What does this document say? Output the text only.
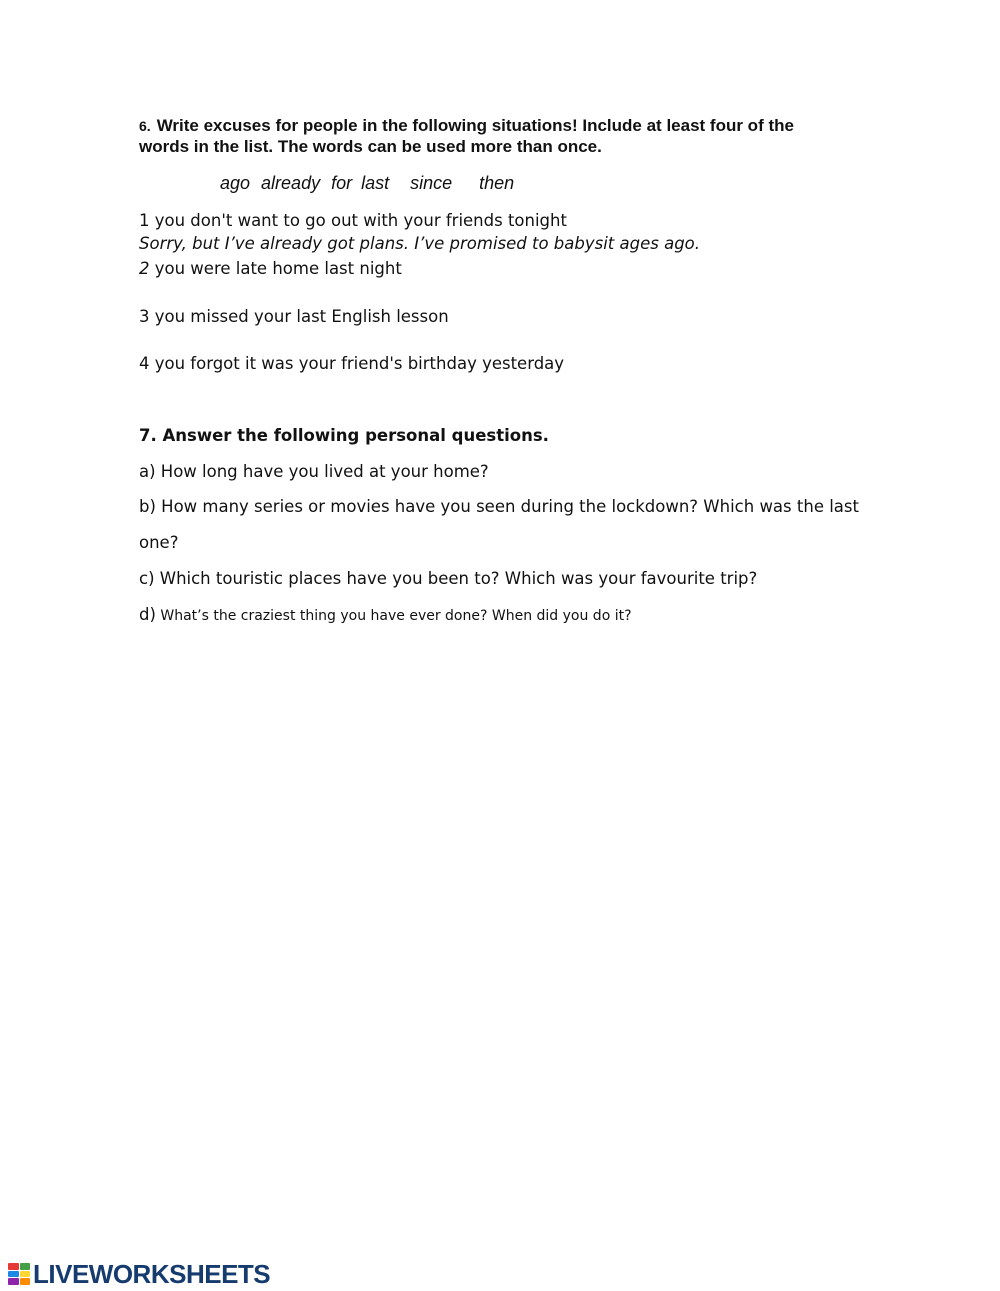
6. Write excuses for people in the following situations! Include at least four of the
words in the list. The words can be used more than once.
ago already for last since then
1 you don't want to go out with your friends tonight
Sorry, but I’ve already got plans. I’ve promised to babysit ages ago.
2 you were late home last night
3 you missed your last English lesson
4 you forgot it was your friend's birthday yesterday
7. Answer the following personal questions.
a) How long have you lived at your home?
b) How many series or movies have you seen during the lockdown? Which was the last
one?
c) Which touristic places have you been to? Which was your favourite trip?
d) What’s the craziest thing you have ever done? When did you do it?
LIVEWORKSHEETS
